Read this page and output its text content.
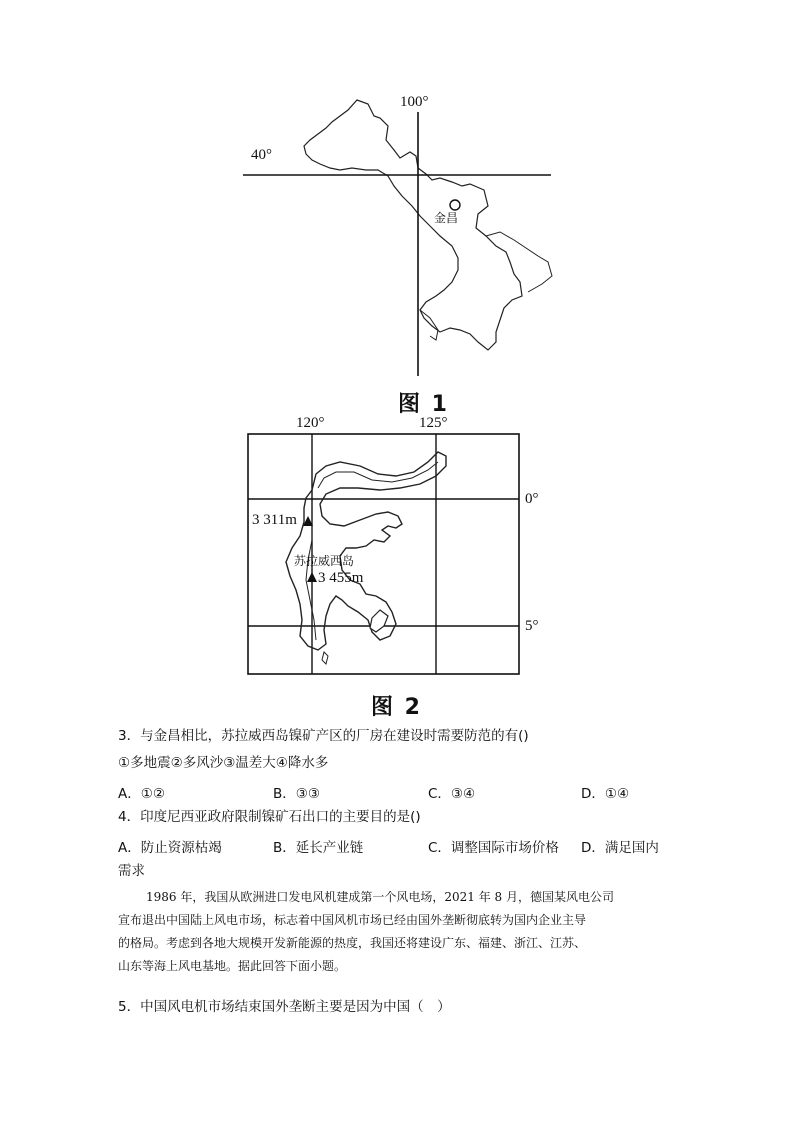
100°
40°
金昌
图 1
120°	125°
0°
5°
3 311m
苏拉威西岛
3 455m
图 2
3．与金昌相比，苏拉威西岛镍矿产区的厂房在建设时需要防范的有()
①多地震②多风沙③温差大④降水多
A．①②	B．③③	C．③④	D．①④
4．印度尼西亚政府限制镍矿石出口的主要目的是()
A．防止资源枯竭	B．延长产业链	C．调整国际市场价格 D．满足国内
需求
1986 年，我国从欧洲进口发电风机建成第一个风电场，2021 年 8 月，德国某风电公司
宣布退出中国陆上风电市场，标志着中国风机市场已经由国外垄断彻底转为国内企业主导
的格局。考虑到各地大规模开发新能源的热度，我国还将建设广东、福建、浙江、江苏、
山东等海上风电基地。据此回答下面小题。
5．中国风电机市场结束国外垄断主要是因为中国（　）
